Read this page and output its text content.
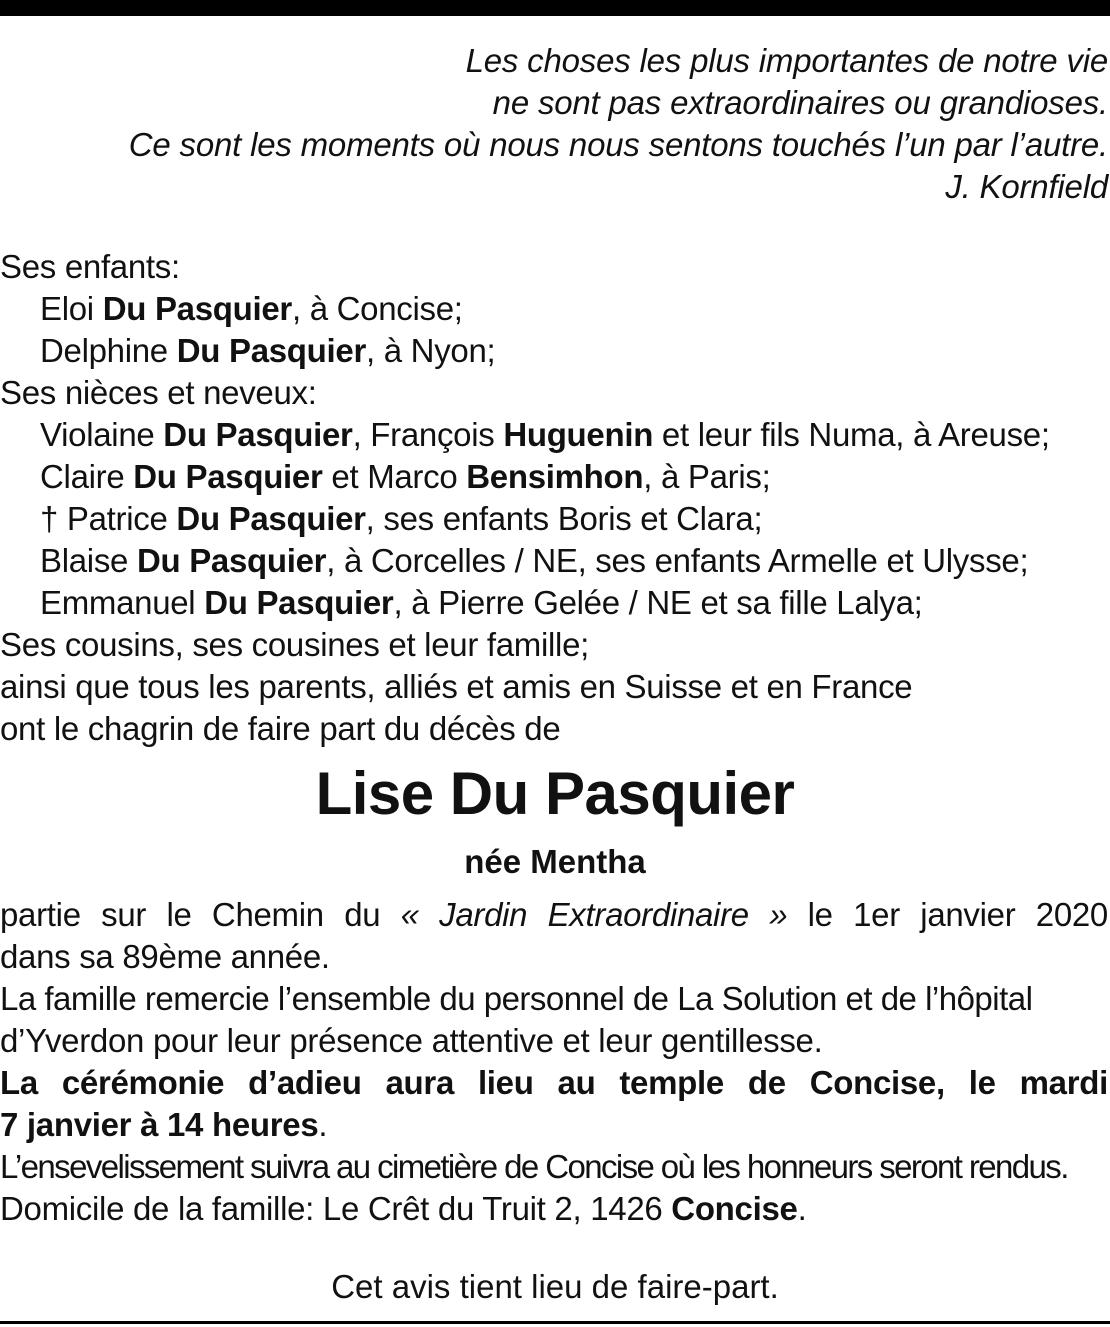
Les choses les plus importantes de notre vie
ne sont pas extraordinaires ou grandioses.
Ce sont les moments où nous nous sentons touchés l’un par l’autre.
J. Kornfield
Ses enfants:
Eloi Du Pasquier, à Concise;
Delphine Du Pasquier, à Nyon;
Ses nièces et neveux:
Violaine Du Pasquier, François Huguenin et leur fils Numa, à Areuse;
Claire Du Pasquier et Marco Bensimhon, à Paris;
† Patrice Du Pasquier, ses enfants Boris et Clara;
Blaise Du Pasquier, à Corcelles / NE, ses enfants Armelle et Ulysse;
Emmanuel Du Pasquier, à Pierre Gelée / NE et sa fille Lalya;
Ses cousins, ses cousines et leur famille;
ainsi que tous les parents, alliés et amis en Suisse et en France
ont le chagrin de faire part du décès de
Lise Du Pasquier
née Mentha
partie sur le Chemin du « Jardin Extraordinaire » le 1er janvier 2020
dans sa 89ème année.
La famille remercie l’ensemble du personnel de La Solution et de l’hôpital
d’Yverdon pour leur présence attentive et leur gentillesse.
La cérémonie d’adieu aura lieu au temple de Concise, le mardi
7 janvier à 14 heures.
L’ensevelissement suivra au cimetière de Concise où les honneurs seront rendus.
Domicile de la famille: Le Crêt du Truit 2, 1426 Concise.
Cet avis tient lieu de faire-part.
